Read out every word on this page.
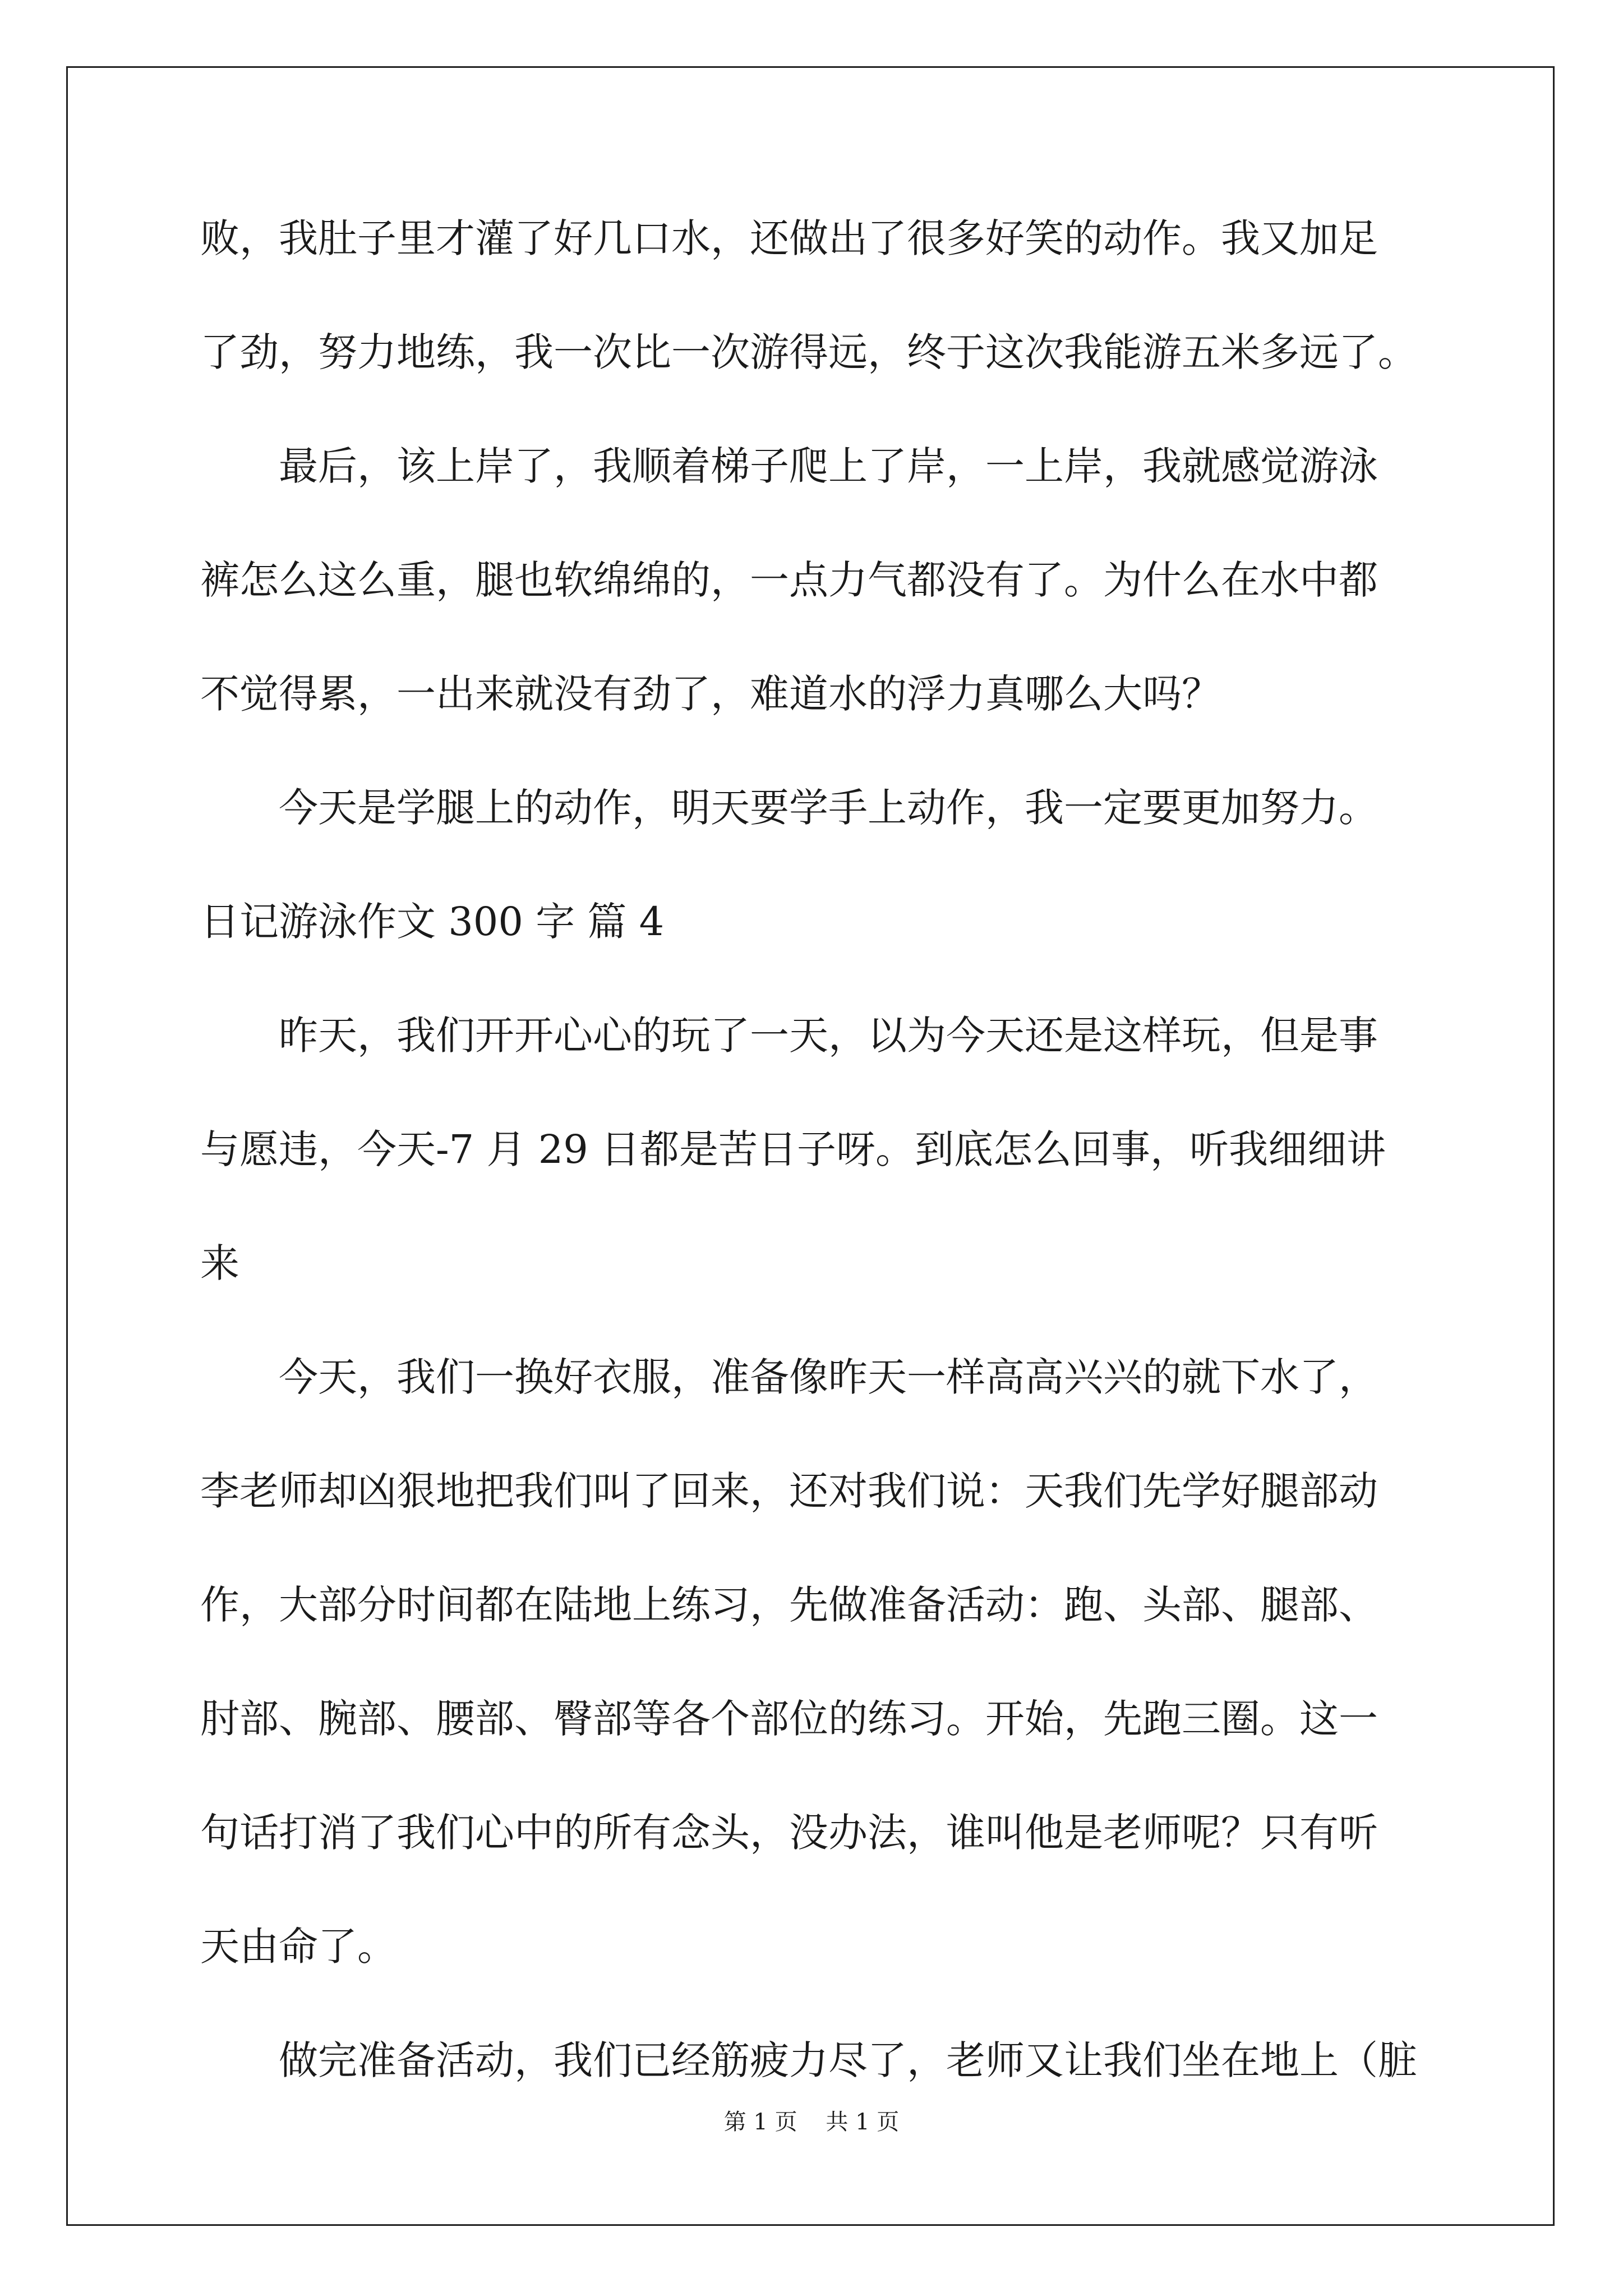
败，我肚子里才灌了好几口水，还做出了很多好笑的动作。我又加足
了劲，努力地练，我一次比一次游得远，终于这次我能游五米多远了。
最后，该上岸了，我顺着梯子爬上了岸，一上岸，我就感觉游泳
裤怎么这么重，腿也软绵绵的，一点力气都没有了。为什么在水中都
不觉得累，一出来就没有劲了，难道水的浮力真哪么大吗？
今天是学腿上的动作，明天要学手上动作，我一定要更加努力。
日记游泳作文 300 字 篇 4
昨天，我们开开心心的玩了一天，以为今天还是这样玩，但是事
与愿违，今天-7 月 29 日都是苦日子呀。到底怎么回事，听我细细讲
来
今天，我们一换好衣服，准备像昨天一样高高兴兴的就下水了，
李老师却凶狠地把我们叫了回来，还对我们说：天我们先学好腿部动
作，大部分时间都在陆地上练习，先做准备活动：跑、头部、腿部、
肘部、腕部、腰部、臀部等各个部位的练习。开始，先跑三圈。这一
句话打消了我们心中的所有念头，没办法，谁叫他是老师呢？只有听
天由命了。
做完准备活动，我们已经筋疲力尽了，老师又让我们坐在地上（脏
第 1 页    共 1 页
